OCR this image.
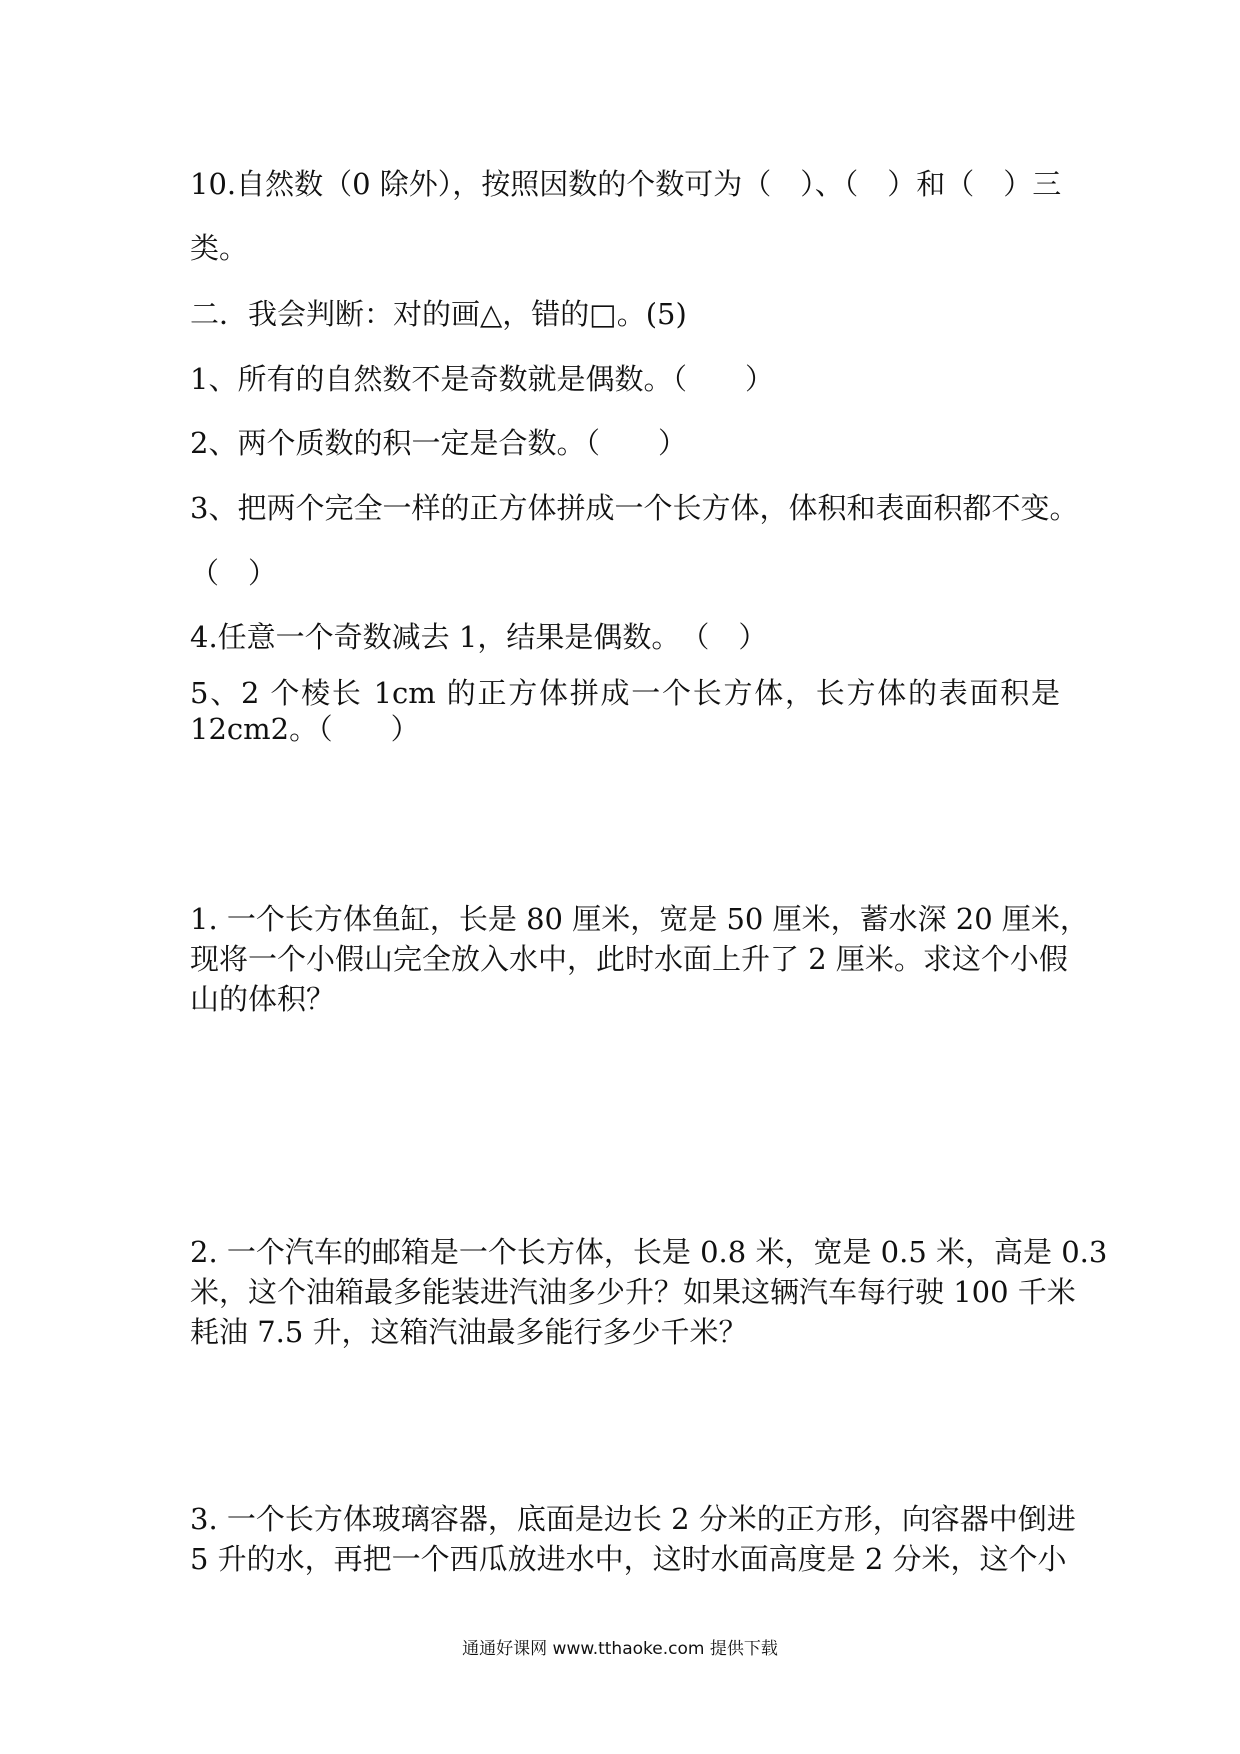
10.自然数（0 除外），按照因数的个数可为（　）、（　）和（　）三
类。
二．我会判断：对的画△，错的□。(5)
1、所有的自然数不是奇数就是偶数。（　　）
2、两个质数的积一定是合数。（　　）
3、把两个完全一样的正方体拼成一个长方体，体积和表面积都不变。
（　）
4.任意一个奇数减去 1，结果是偶数。　（　）
5、2 个棱长 1cm 的正方体拼成一个长方体，长方体的表面积是
12cm2。（　　）
1. 一个长方体鱼缸，长是 80 厘米，宽是 50 厘米，蓄水深 20 厘米，
现将一个小假山完全放入水中，此时水面上升了 2 厘米。求这个小假
山的体积？
2. 一个汽车的邮箱是一个长方体，长是 0.8 米，宽是 0.5 米，高是 0.3
米，这个油箱最多能装进汽油多少升？如果这辆汽车每行驶 100 千米
耗油 7.5 升，这箱汽油最多能行多少千米？
3. 一个长方体玻璃容器，底面是边长 2 分米的正方形，向容器中倒进
5 升的水，再把一个西瓜放进水中，这时水面高度是 2 分米，这个小
通通好课网 www.tthaoke.com 提供下载
